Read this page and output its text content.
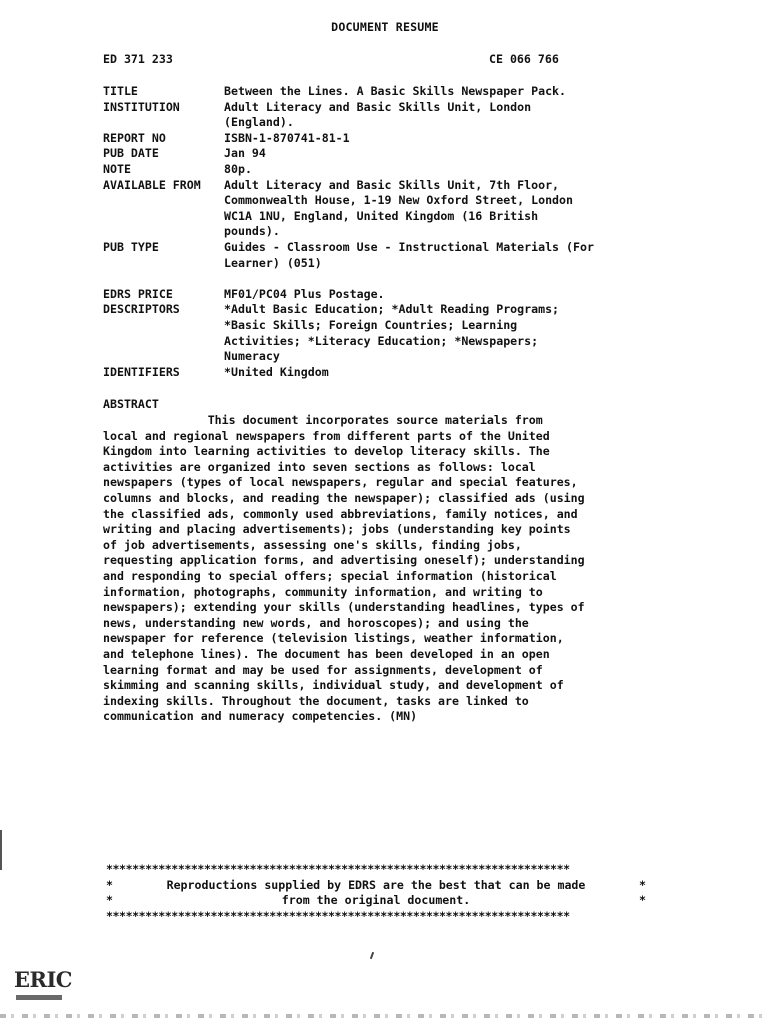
DOCUMENT RESUME
ED 371 233	CE 066 766
TITLE	Between the Lines. A Basic Skills Newspaper Pack.
INSTITUTION	Adult Literacy and Basic Skills Unit, London
(England).
REPORT NO	ISBN-1-870741-81-1
PUB DATE	Jan 94
NOTE	80p.
AVAILABLE FROM	Adult Literacy and Basic Skills Unit, 7th Floor,
Commonwealth House, 1-19 New Oxford Street, London
WC1A 1NU, England, United Kingdom (16 British
pounds).
PUB TYPE	Guides - Classroom Use - Instructional Materials (For
Learner) (051)
EDRS PRICE	MF01/PC04 Plus Postage.
DESCRIPTORS	*Adult Basic Education; *Adult Reading Programs;
*Basic Skills; Foreign Countries; Learning
Activities; *Literacy Education; *Newspapers;
Numeracy
IDENTIFIERS	*United Kingdom
ABSTRACT
This document incorporates source materials from
local and regional newspapers from different parts of the United
Kingdom into learning activities to develop literacy skills. The
activities are organized into seven sections as follows: local
newspapers (types of local newspapers, regular and special features,
columns and blocks, and reading the newspaper); classified ads (using
the classified ads, commonly used abbreviations, family notices, and
writing and placing advertisements); jobs (understanding key points
of job advertisements, assessing one's skills, finding jobs,
requesting application forms, and advertising oneself); understanding
and responding to special offers; special information (historical
information, photographs, community information, and writing to
newspapers); extending your skills (understanding headlines, types of
news, understanding new words, and horoscopes); and using the
newspaper for reference (television listings, weather information,
and telephone lines). The document has been developed in an open
learning format and may be used for assignments, development of
skimming and scanning skills, individual study, and development of
indexing skills. Throughout the document, tasks are linked to
communication and numeracy competencies. (MN)
***********************************************************************
*	Reproductions supplied by EDRS are the best that can be made	*
*	from the original document.	*
***********************************************************************
ERIC
